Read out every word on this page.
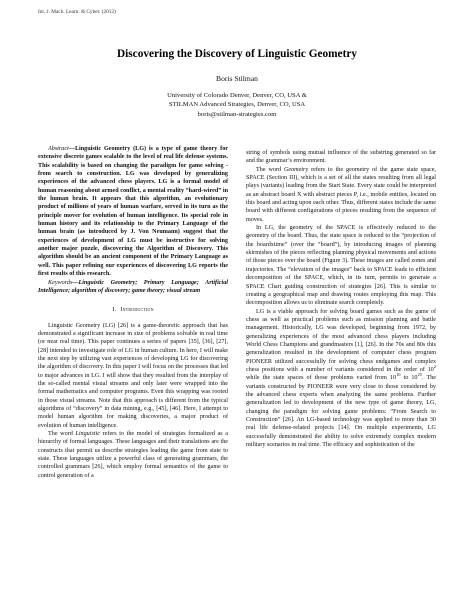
Int. J. Mach. Learn. & Cyber. (2012)
Discovering the Discovery of Linguistic Geometry
Boris Stilman
University of Colorado Denver, Denver, CO, USA &
STILMAN Advanced Strategies, Denver, CO, USA
boris@stilman-strategies.com

Abstract—Linguistic Geometry (LG) is a type of game theory for extensive discrete games scalable to the level of real life defense systems. This scalability is based on changing the paradigm for game solving - from search to construction. LG was developed by generalizing experiences of the advanced chess players. LG is a formal model of human reasoning about armed conflict, a mental reality “hard-wired” in the human brain. It appears that this algorithm, an evolutionary product of millions of years of human warfare, served in its turn as the principle mover for evolution of human intelligence. Its special role in human history and its relationship to the Primary Language of the human brain (as introduced by J. Von Neumann) suggest that the experiences of development of LG must be instructive for solving another major puzzle, discovering the Algorithm of Discovery. This algorithm should be an ancient component of the Primary Language as well. This paper refining our experiences of discovering LG reports the first results of this research.

Keywords—Linguistic Geometry; Primary Language; Artificial Intelligence; algorithm of discovery; game theory; visual stream

I. Introduction

Linguistic Geometry (LG) [26] is a game-theoretic approach that has demonstrated a significant increase in size of problems solvable in real time (or near real time). This paper continues a series of papers [35], [36], [27], [28] intended to investigate role of LG in human culture. In here, I will make the next step by utilizing vast experiences of developing LG for discovering the algorithm of discovery. In this paper I will focus on the processes that led to major advances in LG. I will show that they resulted from the interplay of the so-called mental visual streams and only later were wrapped into the formal mathematics and computer programs. Even this wrapping was rooted in those visual streams. Note that this approach is different from the typical algorithms of “discovery” in data mining, e.g., [45], [46]. Here, I attempt to model human algorithm for making discoveries, a major product of evolution of human intelligence.

The word Linguistic refers to the model of strategies formalized as a hierarchy of formal languages. These languages and their translations are the constructs that permit us describe strategies leading the game from state to state. These languages utilize a powerful class of generating grammars, the controlled grammars [26], which employ formal semantics of the game to control generation of a

string of symbols using mutual influence of the substring generated so far and the grammar’s environment.

The word Geometry refers to the geometry of the game state space, SPACE (Section III), which is a set of all the states resulting from all legal plays (variants) leading from the Start State. Every state could be interpreted as an abstract board X with abstract pieces P, i.e., mobile entities, located on this board and acting upon each other. Thus, different states include the same board with different configurations of pieces resulting from the sequence of moves.

In LG, the geometry of the SPACE is effectively reduced to the geometry of the board. Thus, the state space is reduced to the “projection of the boardxtime” (over the “board”), by introducing images of planning skirmishes of the pieces reflecting planning physical movements and actions of those pieces over the board (Figure 3). These images are called zones and trajectories. The “elevation of the images” back to SPACE leads to efficient decomposition of the SPACE, which, in its turn, permits to generate a SPACE Chart guiding construction of strategies [26]. This is similar to creating a geographical map and drawing routes employing this map. This decomposition allows us to eliminate search completely.

LG is a viable approach for solving board games such as the game of chess as well as practical problems such as mission planning and battle management. Historically, LG was developed, beginning from 1972, by generalizing experiences of the most advanced chess players including World Chess Champions and grandmasters [1], [26]. In the 70s and 80s this generalization resulted in the development of computer chess program PIONEER utilized successfully for solving chess endgames and complex chess positions with a number of variants considered in the order of $10^2$ while the state spaces of those problems varied from $10^{10}$ to $10^{25}$. The variants constructed by PIONEER were very close to those considered by the advanced chess experts when analyzing the same problems. Further generalization led to development of the new type of game theory, LG, changing the paradigm for solving game problems: “From Search to Construction” [26]. An LG-based technology was applied to more than 30 real life defense-related projects [14]. On multiple experiments, LG successfully demonstrated the ability to solve extremely complex modern military scenarios in real time. The efficacy and sophistication of the
